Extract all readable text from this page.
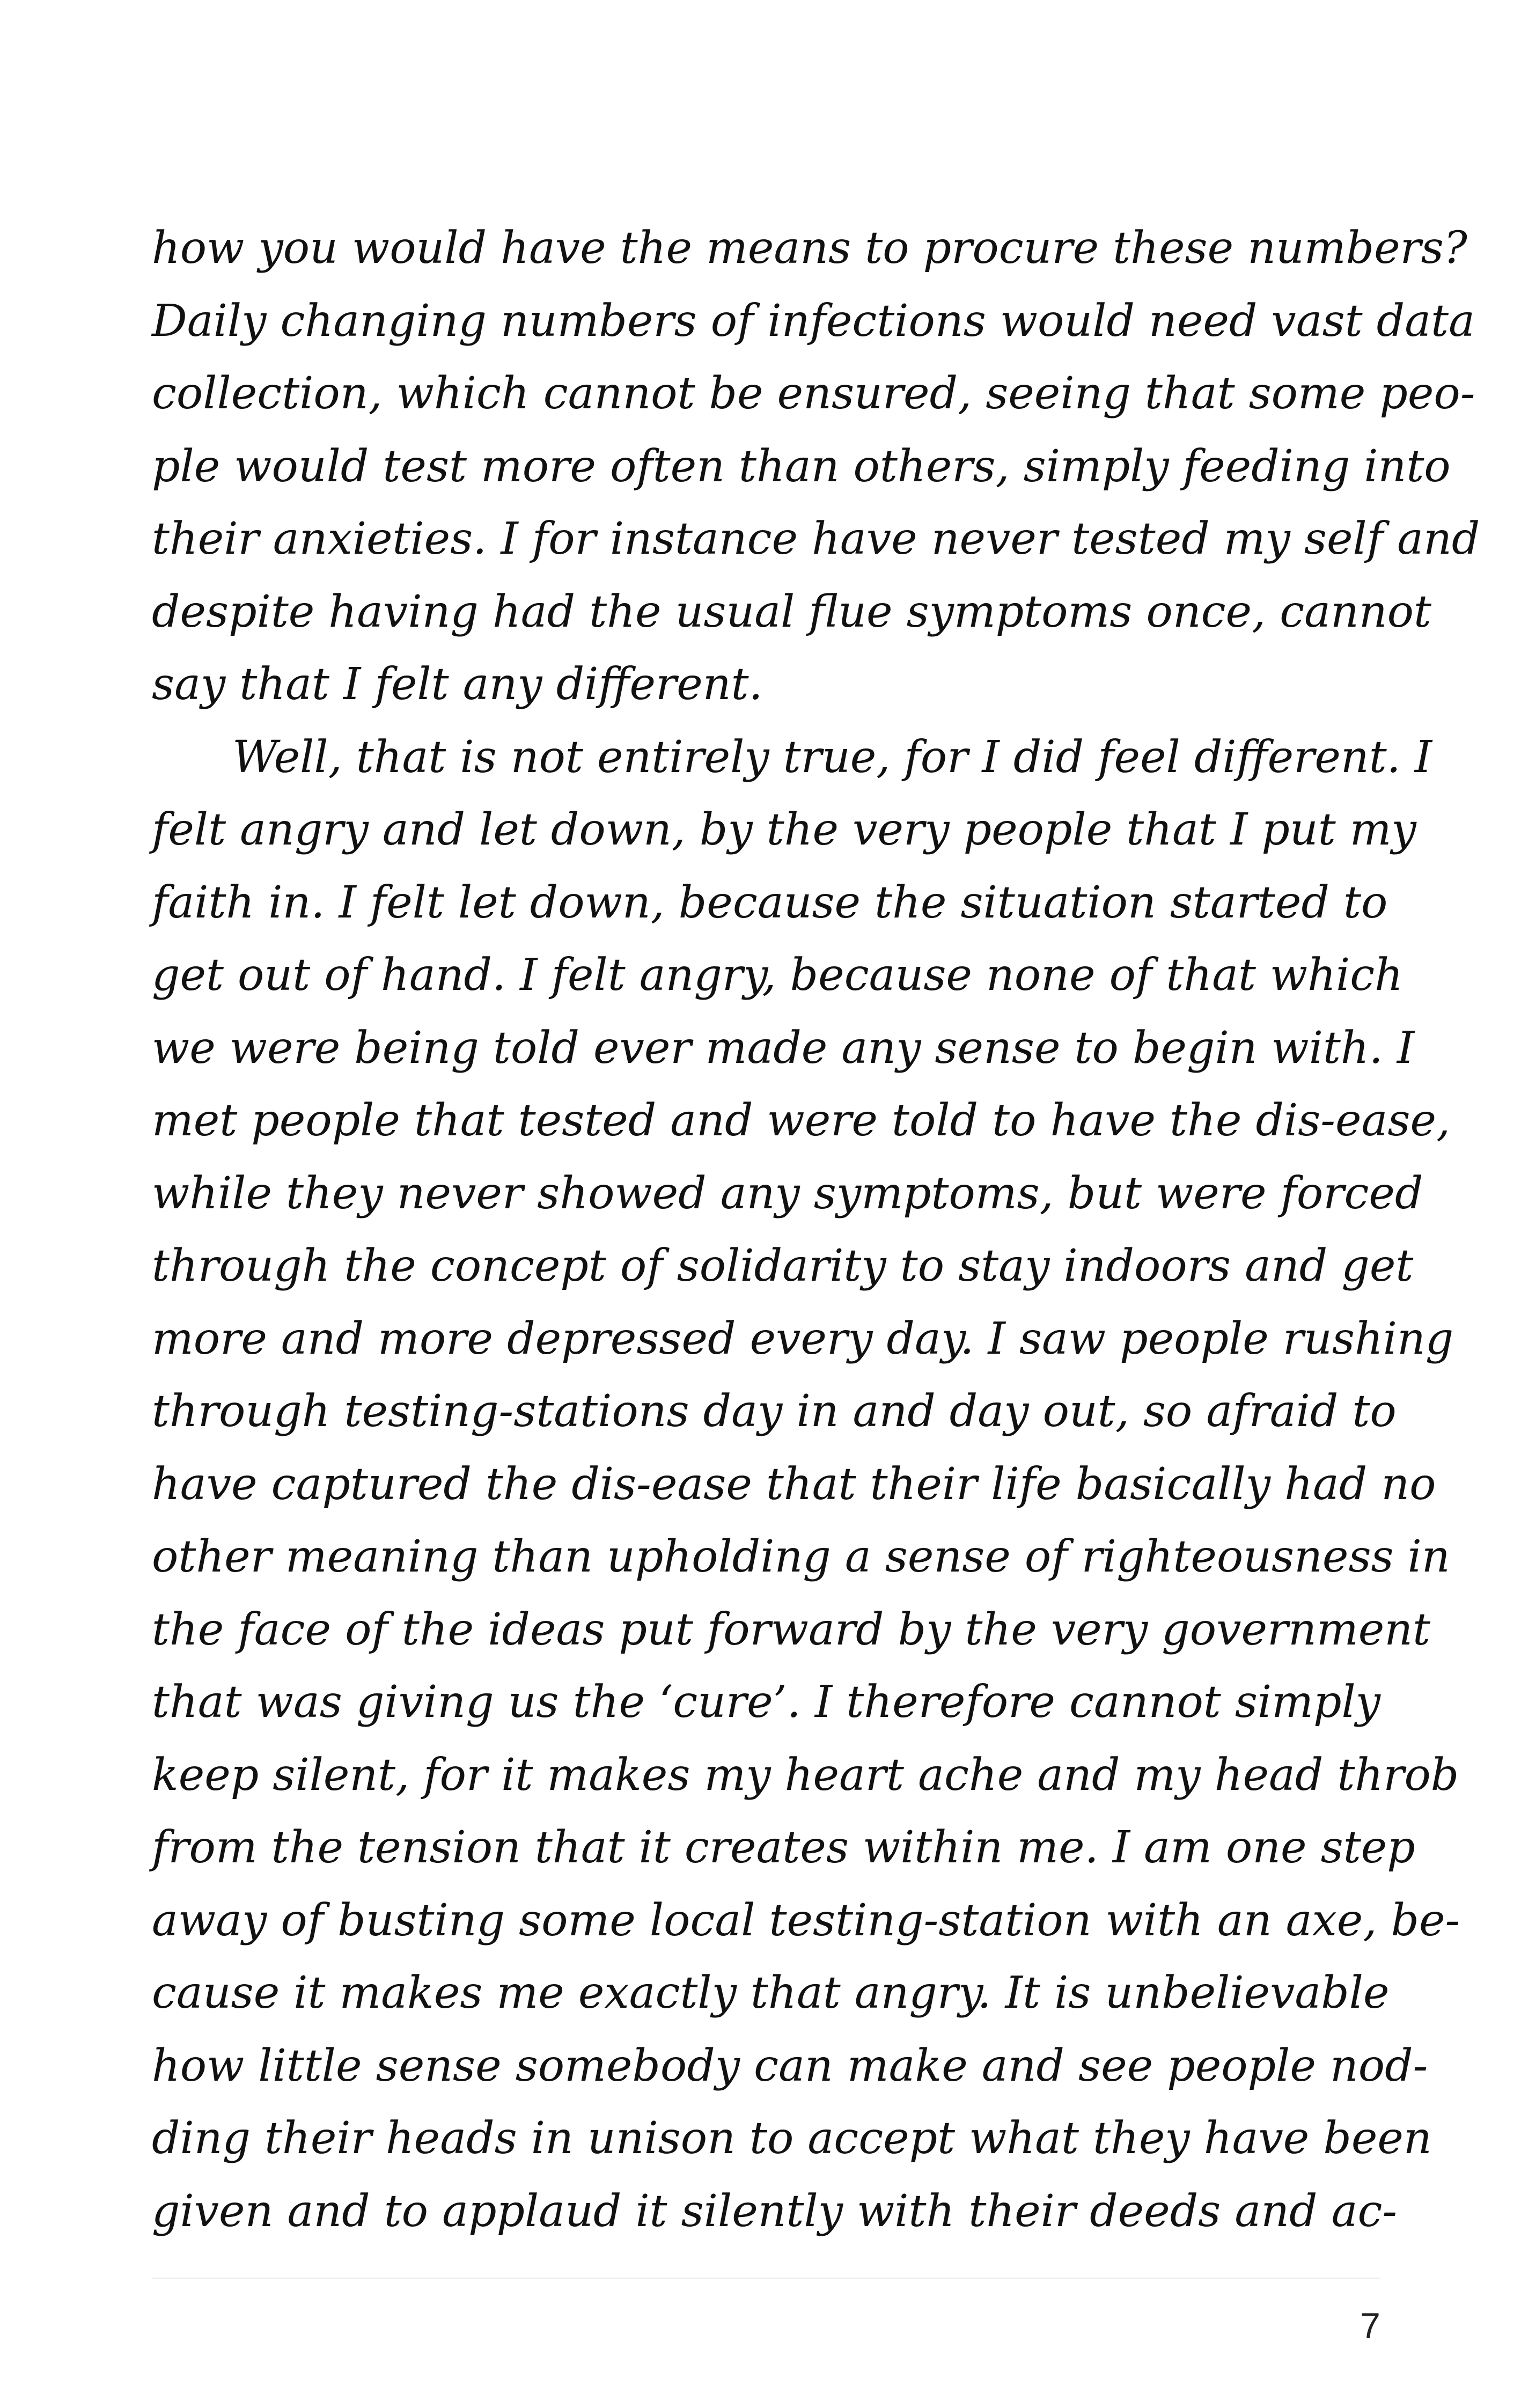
how you would have the means to procure these numbers?
Daily changing numbers of infections would need vast data
collection, which cannot be ensured, seeing that some peo-
ple would test more often than others, simply feeding into
their anxieties. I for instance have never tested my self and
despite having had the usual flue symptoms once, cannot
say that I felt any different.
Well, that is not entirely true, for I did feel different. I
felt angry and let down, by the very people that I put my
faith in. I felt let down, because the situation started to
get out of hand. I felt angry, because none of that which
we were being told ever made any sense to begin with. I
met people that tested and were told to have the dis-ease,
while they never showed any symptoms, but were forced
through the concept of solidarity to stay indoors and get
more and more depressed every day. I saw people rushing
through testing-stations day in and day out, so afraid to
have captured the dis-ease that their life basically had no
other meaning than upholding a sense of righteousness in
the face of the ideas put forward by the very government
that was giving us the ‘cure’. I therefore cannot simply
keep silent, for it makes my heart ache and my head throb
from the tension that it creates within me. I am one step
away of busting some local testing-station with an axe, be-
cause it makes me exactly that angry. It is unbelievable
how little sense somebody can make and see people nod-
ding their heads in unison to accept what they have been
given and to applaud it silently with their deeds and ac-
7
